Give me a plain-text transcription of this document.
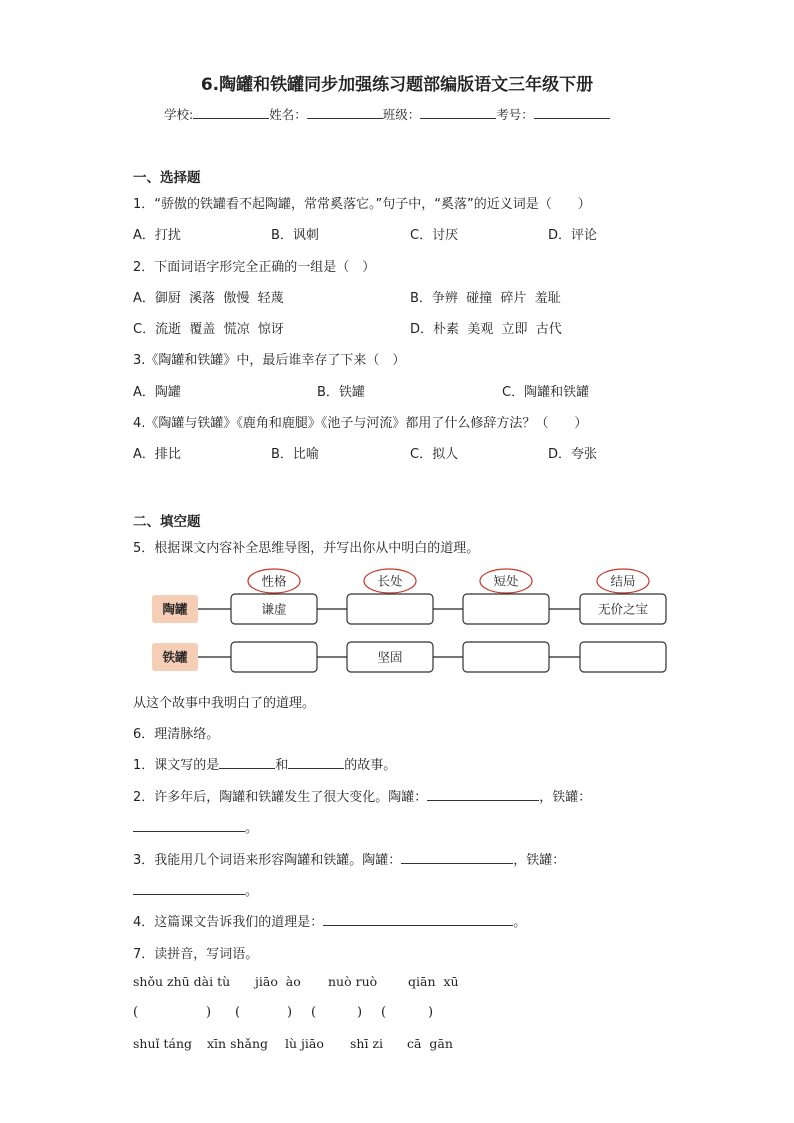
6.陶罐和铁罐同步加强练习题部编版语文三年级下册
学校:	姓名：	班级：	考号：
一、选择题
1．“骄傲的铁罐看不起陶罐，常常奚落它。”句子中，“奚落”的近义词是（　　）
A．打扰	B．讽刺	C．讨厌	D．评论
2．下面词语字形完全正确的一组是（　）
A．御厨  溪落  傲慢  轻蔑	B．争辨  碰撞  碎片  羞耻
C．流逝  覆盖  慌凉  惊讶	D．朴素  美观  立即  古代
3.《陶罐和铁罐》中，最后谁幸存了下来（　）
A．陶罐	B．铁罐	C．陶罐和铁罐
4.《陶罐与铁罐》《鹿角和鹿腿》《池子与河流》都用了什么修辞方法？（　　）
A．排比	B．比喻	C．拟人	D．夸张
二、填空题
5．根据课文内容补全思维导图，并写出你从中明白的道理。
性格	长处	短处	结局
陶罐
铁罐
谦虚	无价之宝
坚固
从这个故事中我明白了的道理。
6．理清脉络。
1．课文写的是	和	的故事。
2．许多年后，陶罐和铁罐发生了很大变化。陶罐：	，铁罐：
。
3．我能用几个词语来形容陶罐和铁罐。陶罐：	，铁罐：
。
4．这篇课文告诉我们的道理是：	。
7．读拼音，写词语。
shǒu zhū dài tù jiāo  ào nuò ruò qiān  xū
(	) (	) (	) (	)
shuǐ táng xīn shǎng lù jiāo shī zi cā  gān
